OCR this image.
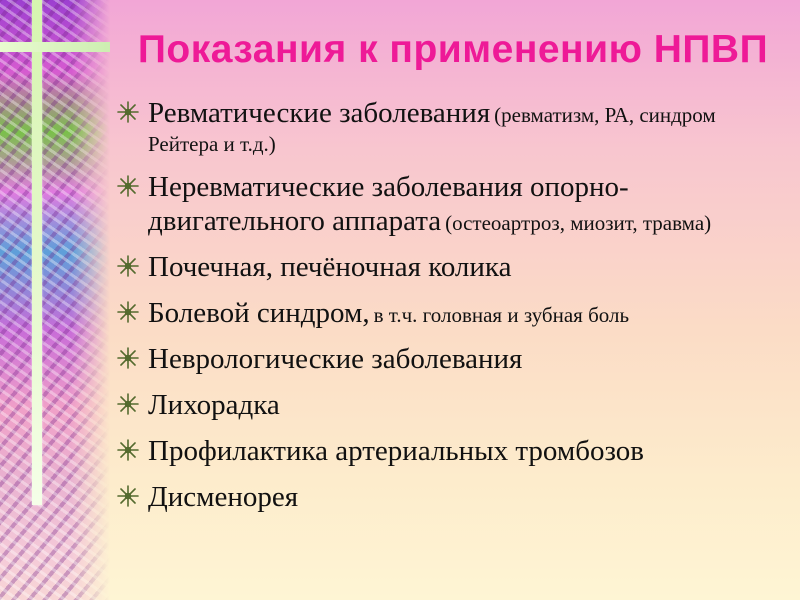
Показания к применению НПВП
Ревматические заболевания (ревматизм, РА, синдром Рейтера и т.д.)
Неревматические заболевания опорно-двигательного аппарата (остеоартроз, миозит, травма)
Почечная, печёночная колика
Болевой синдром, в т.ч. головная и зубная боль
Неврологические заболевания
Лихорадка
Профилактика артериальных тромбозов
Дисменорея
